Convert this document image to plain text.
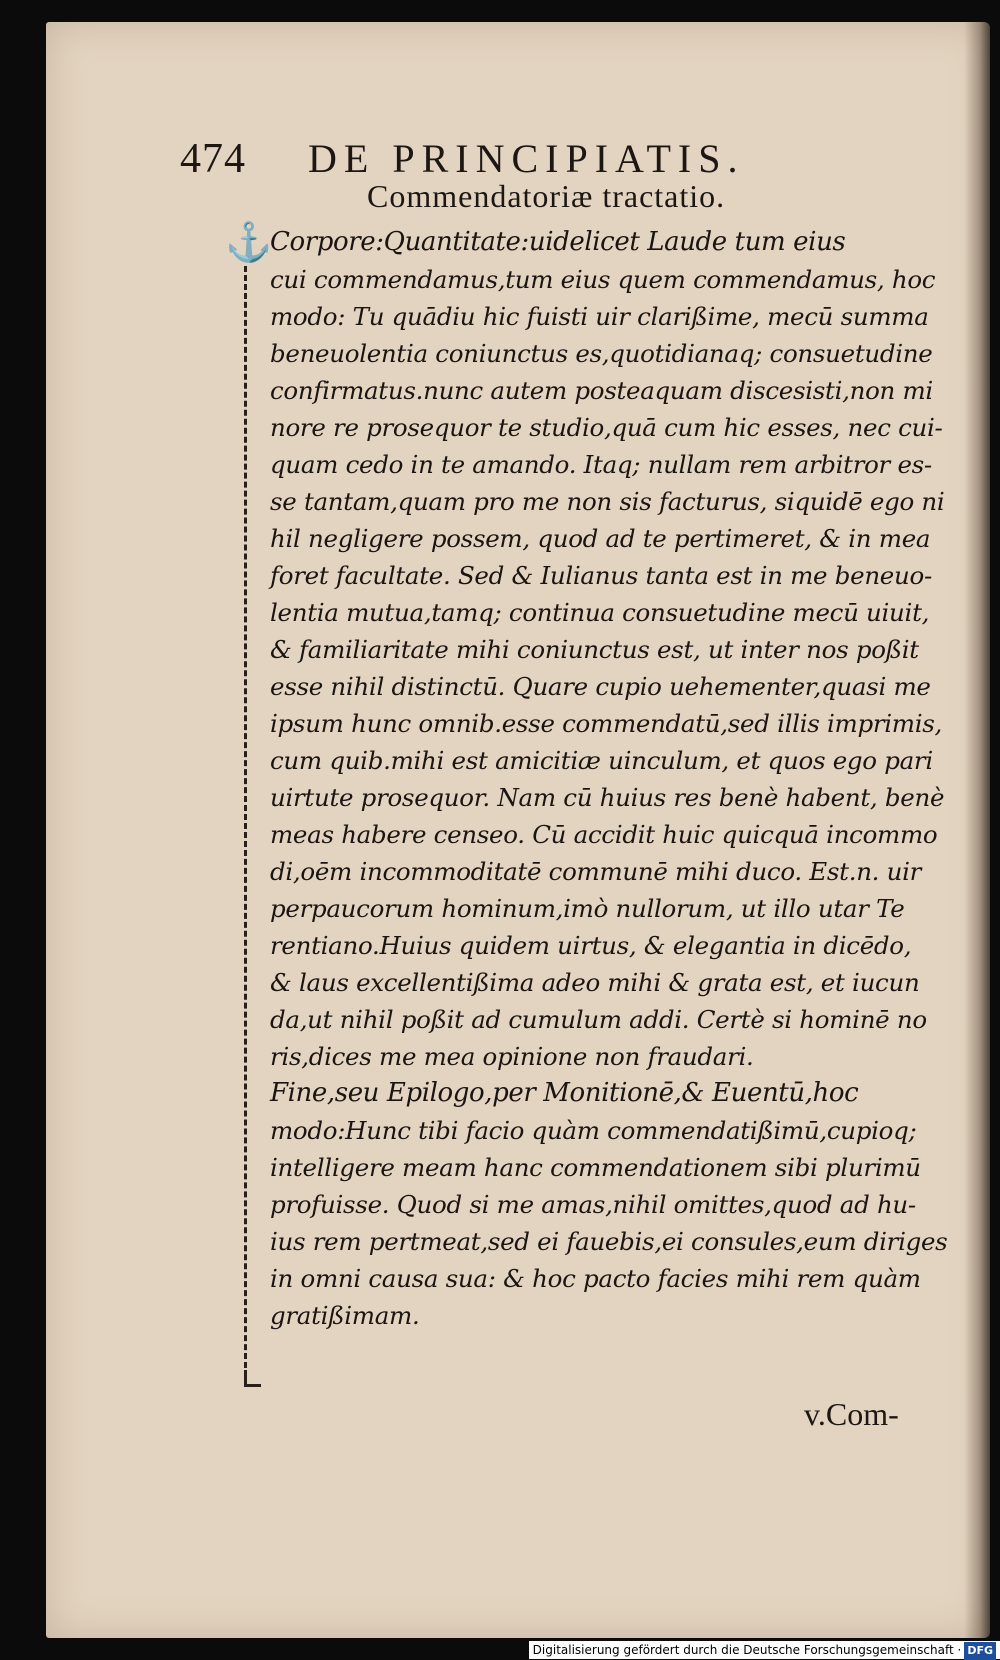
474 DE PRINCIPIATIS.
Commendatoriæ tractatio.
⚓
Corpore:Quantitate:uidelicet Laude tum eius
cui commendamus,tum eius quem commendamus, hoc
modo: Tu quādiu hic fuisti uir clarißime, mecū summa
beneuolentia coniunctus es,quotidianaq; consuetudine
confirmatus.nunc autem posteaquam discesisti,non mi
nore re prosequor te studio,quā cum hic esses, nec cui-
quam cedo in te amando. Itaq; nullam rem arbitror es-
se tantam,quam pro me non sis facturus, siquidē ego ni
hil negligere possem, quod ad te pertimeret, & in mea
foret facultate. Sed & Iulianus tanta est in me beneuo-
lentia mutua,tamq; continua consuetudine mecū uiuit,
& familiaritate mihi coniunctus est, ut inter nos poßit
esse nihil distinctū. Quare cupio uehementer,quasi me
ipsum hunc omnib.esse commendatū,sed illis imprimis,
cum quib.mihi est amicitiæ uinculum, et quos ego pari
uirtute prosequor. Nam cū huius res benè habent, benè
meas habere censeo. Cū accidit huic quicquā incommo
di,oēm incommoditatē communē mihi duco. Est.n. uir
perpaucorum hominum,imò nullorum, ut illo utar Te
rentiano.Huius quidem uirtus, & elegantia in dicēdo,
& laus excellentißima adeo mihi & grata est, et iucun
da,ut nihil poßit ad cumulum addi. Certè si hominē no
ris,dices me mea opinione non fraudari.
Fine,seu Epilogo,per Monitionē,& Euentū,hoc
modo:Hunc tibi facio quàm commendatißimū,cupioq;
intelligere meam hanc commendationem sibi plurimū
profuisse. Quod si me amas,nihil omittes,quod ad hu-
ius rem pertmeat,sed ei fauebis,ei consules,eum diriges
in omni causa sua: & hoc pacto facies mihi rem quàm
gratißimam.
v.Com-
Digitalisierung gefördert durch die Deutsche Forschungsgemeinschaft · DFG
